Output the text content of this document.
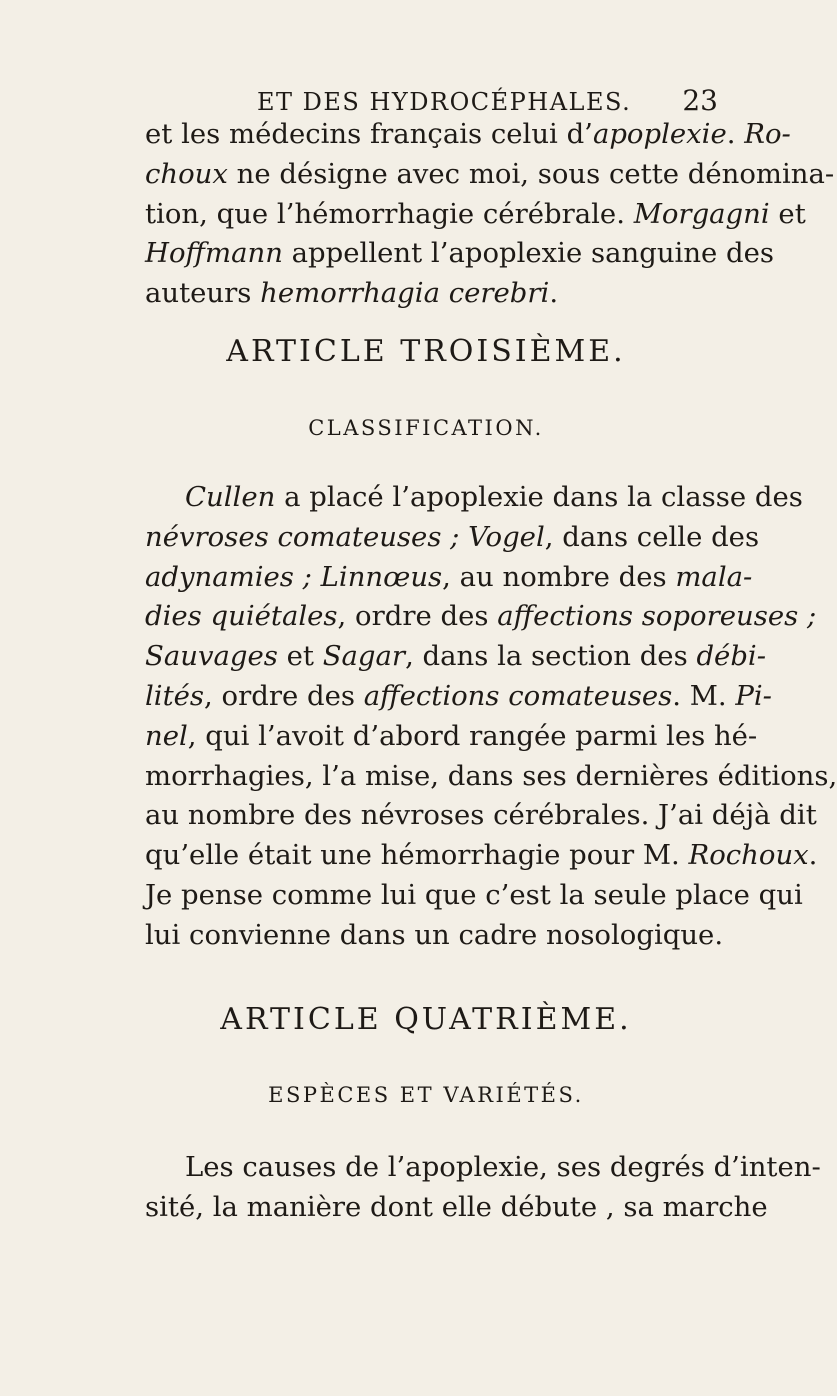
ET DES HYDROCÉPHALES. 23
et les médecins français celui d’apoplexie. Ro-
choux ne désigne avec moi, sous cette dénomina-
tion, que l’hémorrhagie cérébrale. Morgagni et
Hoffmann appellent l’apoplexie sanguine des
auteurs hemorrhagia cerebri.
ARTICLE TROISIÈME.
CLASSIFICATION.
Cullen a placé l’apoplexie dans la classe des
névroses comateuses ; Vogel, dans celle des
adynamies ; Linnœus, au nombre des mala-
dies quiétales, ordre des affections soporeuses ;
Sauvages et Sagar, dans la section des débi-
lités, ordre des affections comateuses. M. Pi-
nel, qui l’avoit d’abord rangée parmi les hé-
morrhagies, l’a mise, dans ses dernières éditions,
au nombre des névroses cérébrales. J’ai déjà dit
qu’elle était une hémorrhagie pour M. Rochoux.
Je pense comme lui que c’est la seule place qui
lui convienne dans un cadre nosologique.
ARTICLE QUATRIÈME.
ESPÈCES ET VARIÉTÉS.
Les causes de l’apoplexie, ses degrés d’inten-
sité, la manière dont elle débute , sa marche
